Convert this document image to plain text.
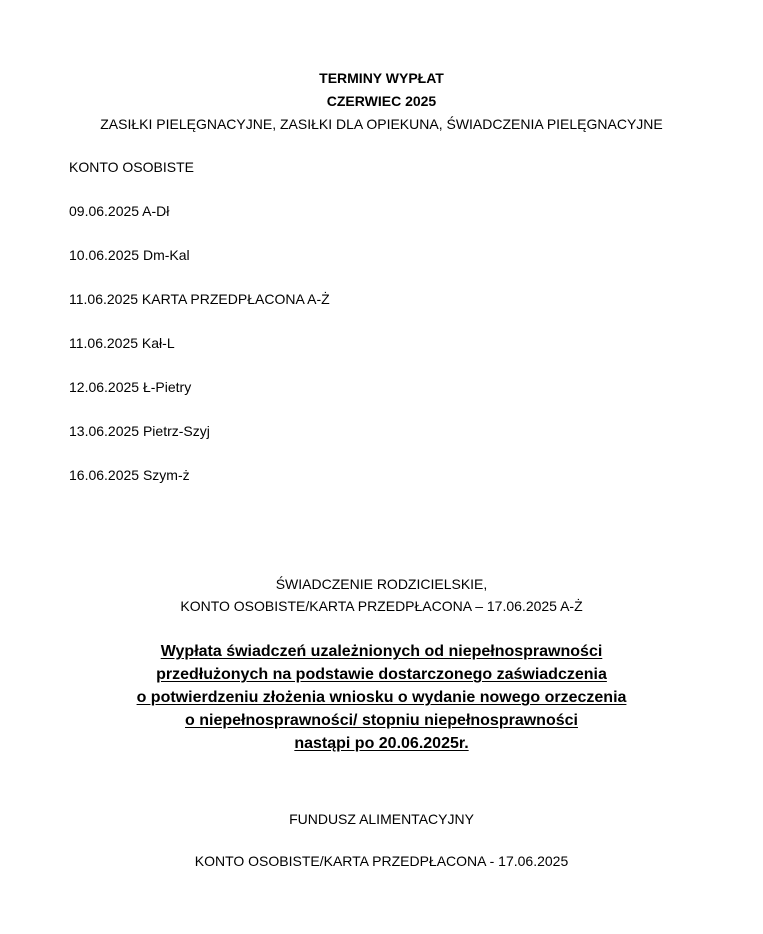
TERMINY WYPŁAT
CZERWIEC 2025
ZASIŁKI PIELĘGNACYJNE, ZASIŁKI DLA OPIEKUNA, ŚWIADCZENIA PIELĘGNACYJNE
KONTO OSOBISTE
09.06.2025 A-Dł
10.06.2025 Dm-Kal
11.06.2025 KARTA PRZEDPŁACONA A-Ż
11.06.2025 Kał-L
12.06.2025 Ł-Pietry
13.06.2025 Pietrz-Szyj
16.06.2025 Szym-ż
ŚWIADCZENIE RODZICIELSKIE,
KONTO OSOBISTE/KARTA PRZEDPŁACONA – 17.06.2025 A-Ż
Wypłata świadczeń uzależnionych od niepełnosprawności
przedłużonych na podstawie dostarczonego zaświadczenia
o potwierdzeniu złożenia wniosku o wydanie nowego orzeczenia
o niepełnosprawności/ stopniu niepełnosprawności
nastąpi po 20.06.2025r.
FUNDUSZ ALIMENTACYJNY
KONTO OSOBISTE/KARTA PRZEDPŁACONA - 17.06.2025
